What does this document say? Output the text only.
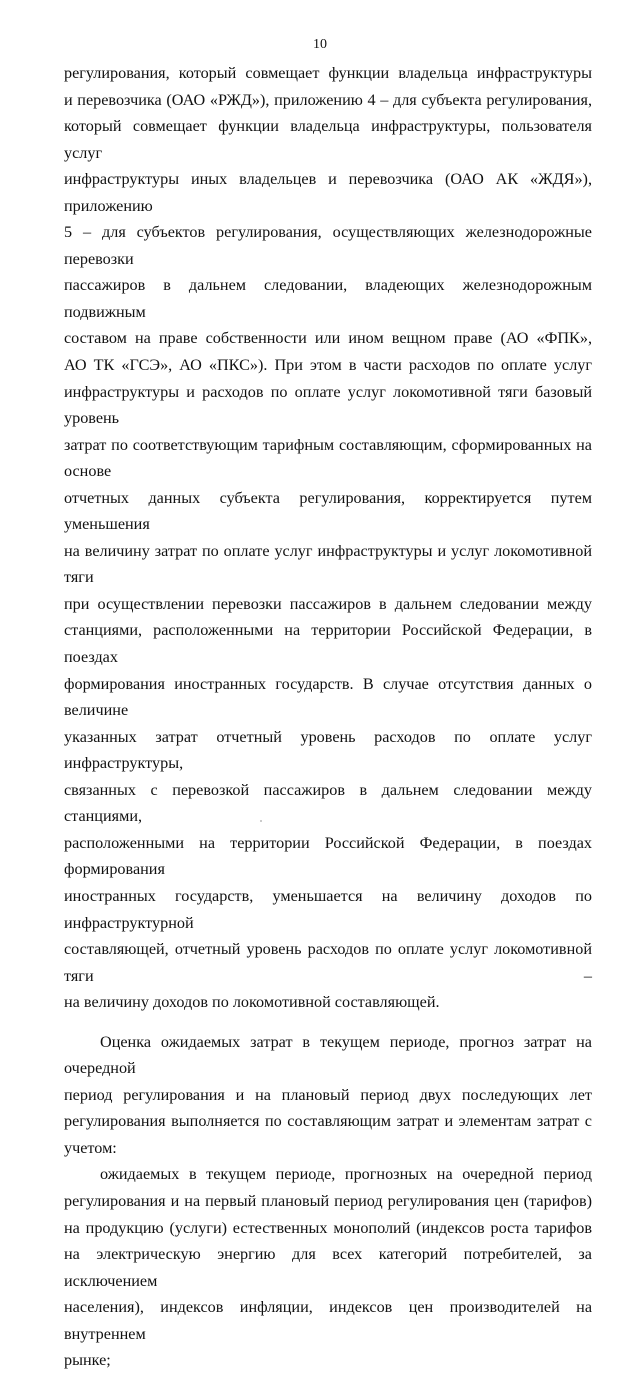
10

регулирования, который совмещает функции владельца инфраструктуры

и перевозчика (ОАО «РЖД»), приложению 4 – для субъекта регулирования,

который совмещает функции владельца инфраструктуры, пользователя услуг

инфраструктуры иных владельцев и перевозчика (ОАО АК «ЖДЯ»), приложению

5 – для субъектов регулирования, осуществляющих железнодорожные перевозки

пассажиров в дальнем следовании, владеющих железнодорожным подвижным

составом на праве собственности или ином вещном праве (АО «ФПК»,

АО ТК «ГСЭ», АО «ПКС»). При этом в части расходов по оплате услуг

инфраструктуры и расходов по оплате услуг локомотивной тяги базовый уровень

затрат по соответствующим тарифным составляющим, сформированных на основе

отчетных данных субъекта регулирования, корректируется путем уменьшения

на величину затрат по оплате услуг инфраструктуры и услуг локомотивной тяги

при осуществлении перевозки пассажиров в дальнем следовании между

станциями, расположенными на территории Российской Федерации, в поездах

формирования иностранных государств. В случае отсутствия данных о величине

указанных затрат отчетный уровень расходов по оплате услуг инфраструктуры,

связанных с перевозкой пассажиров в дальнем следовании между станциями,

расположенными на территории Российской Федерации, в поездах формирования

иностранных государств, уменьшается на величину доходов по инфраструктурной

составляющей, отчетный уровень расходов по оплате услуг локомотивной тяги –

на величину доходов по локомотивной составляющей.

Оценка ожидаемых затрат в текущем периоде, прогноз затрат на очередной

период регулирования и на плановый период двух последующих лет

регулирования выполняется по составляющим затрат и элементам затрат с учетом:

ожидаемых в текущем периоде, прогнозных на очередной период

регулирования и на первый плановый период регулирования цен (тарифов)

на продукцию (услуги) естественных монополий (индексов роста тарифов

на электрическую энергию для всех категорий потребителей, за исключением

населения), индексов инфляции, индексов цен производителей на внутреннем

рынке;
